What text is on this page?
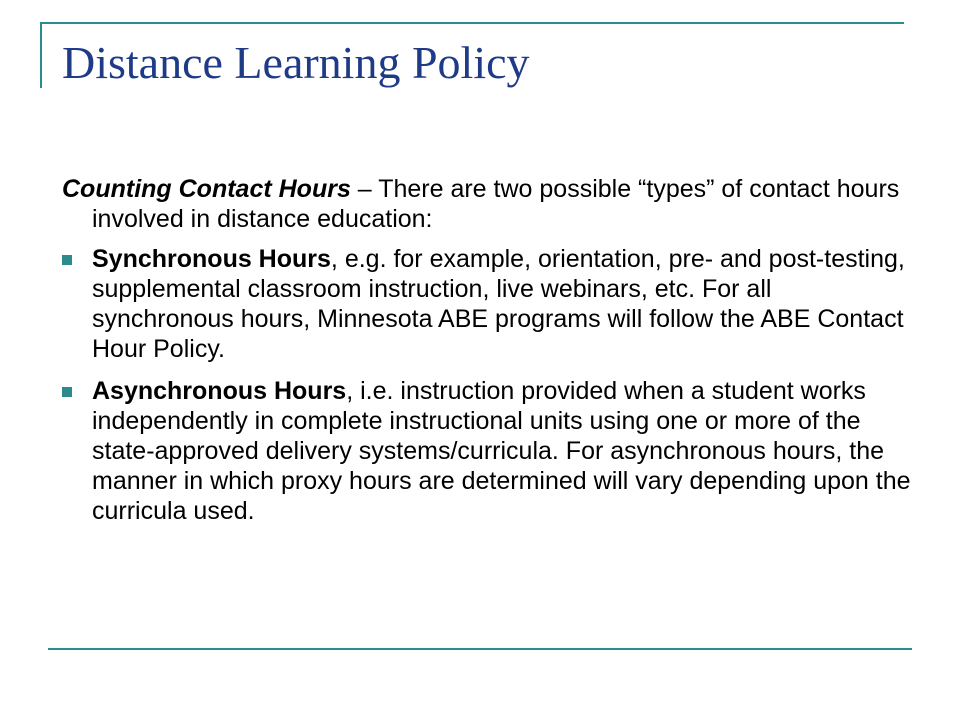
Distance Learning Policy

Counting Contact Hours – There are two possible “types” of contact hours involved in distance education:

Synchronous Hours, e.g. for example, orientation, pre- and post-testing, supplemental classroom instruction, live webinars, etc. For all synchronous hours, Minnesota ABE programs will follow the ABE Contact Hour Policy.
Asynchronous Hours, i.e. instruction provided when a student works independently in complete instructional units using one or more of the state-approved delivery systems/curricula. For asynchronous hours, the manner in which proxy hours are determined will vary depending upon the curricula used.
